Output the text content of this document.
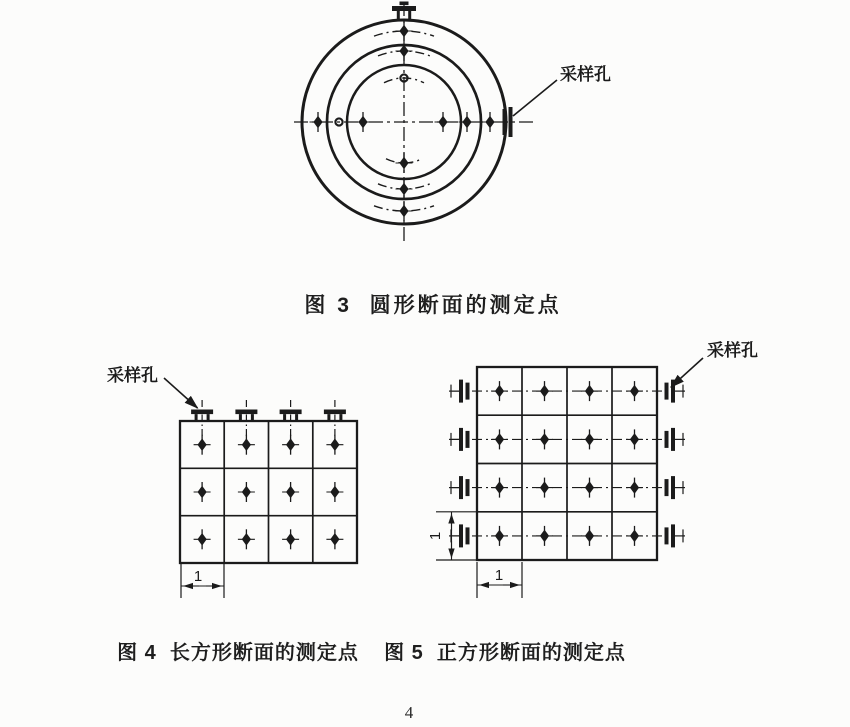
采样孔
采样孔
1
采样孔
1
1
图 3  圆形断面的测定点
图 4  长方形断面的测定点 图 5  正方形断面的测定点
4
